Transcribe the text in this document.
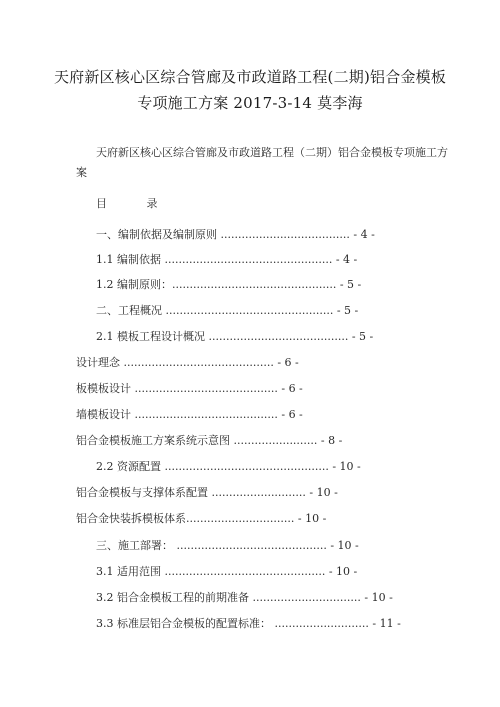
天府新区核心区综合管廊及市政道路工程(二期)铝合金模板
专项施工方案 2017-3-14 莫李海
天府新区核心区综合管廊及市政道路工程（二期）铝合金模板专项施工方案
目 录
一、编制依据及编制原则 ..................................... - 4 -
1.1 编制依据 ................................................ - 4 -
1.2 编制原则：............................................... - 5 -
二、工程概况 ................................................ - 5 -
2.1 模板工程设计概况 ........................................ - 5 -
设计理念 ........................................... - 6 -
板模板设计 ......................................... - 6 -
墙模板设计 ......................................... - 6 -
铝合金模板施工方案系统示意图 ........................ - 8 -
2.2 资源配置 ............................................... - 10 -
铝合金模板与支撑体系配置 ........................... - 10 -
铝合金快装拆模板体系............................... - 10 -
三、施工部署： ........................................... - 10 -
3.1 适用范围 .............................................. - 10 -
3.2 铝合金模板工程的前期准备 ............................... - 10 -
3.3 标准层铝合金模板的配置标准： ........................... - 11 -
